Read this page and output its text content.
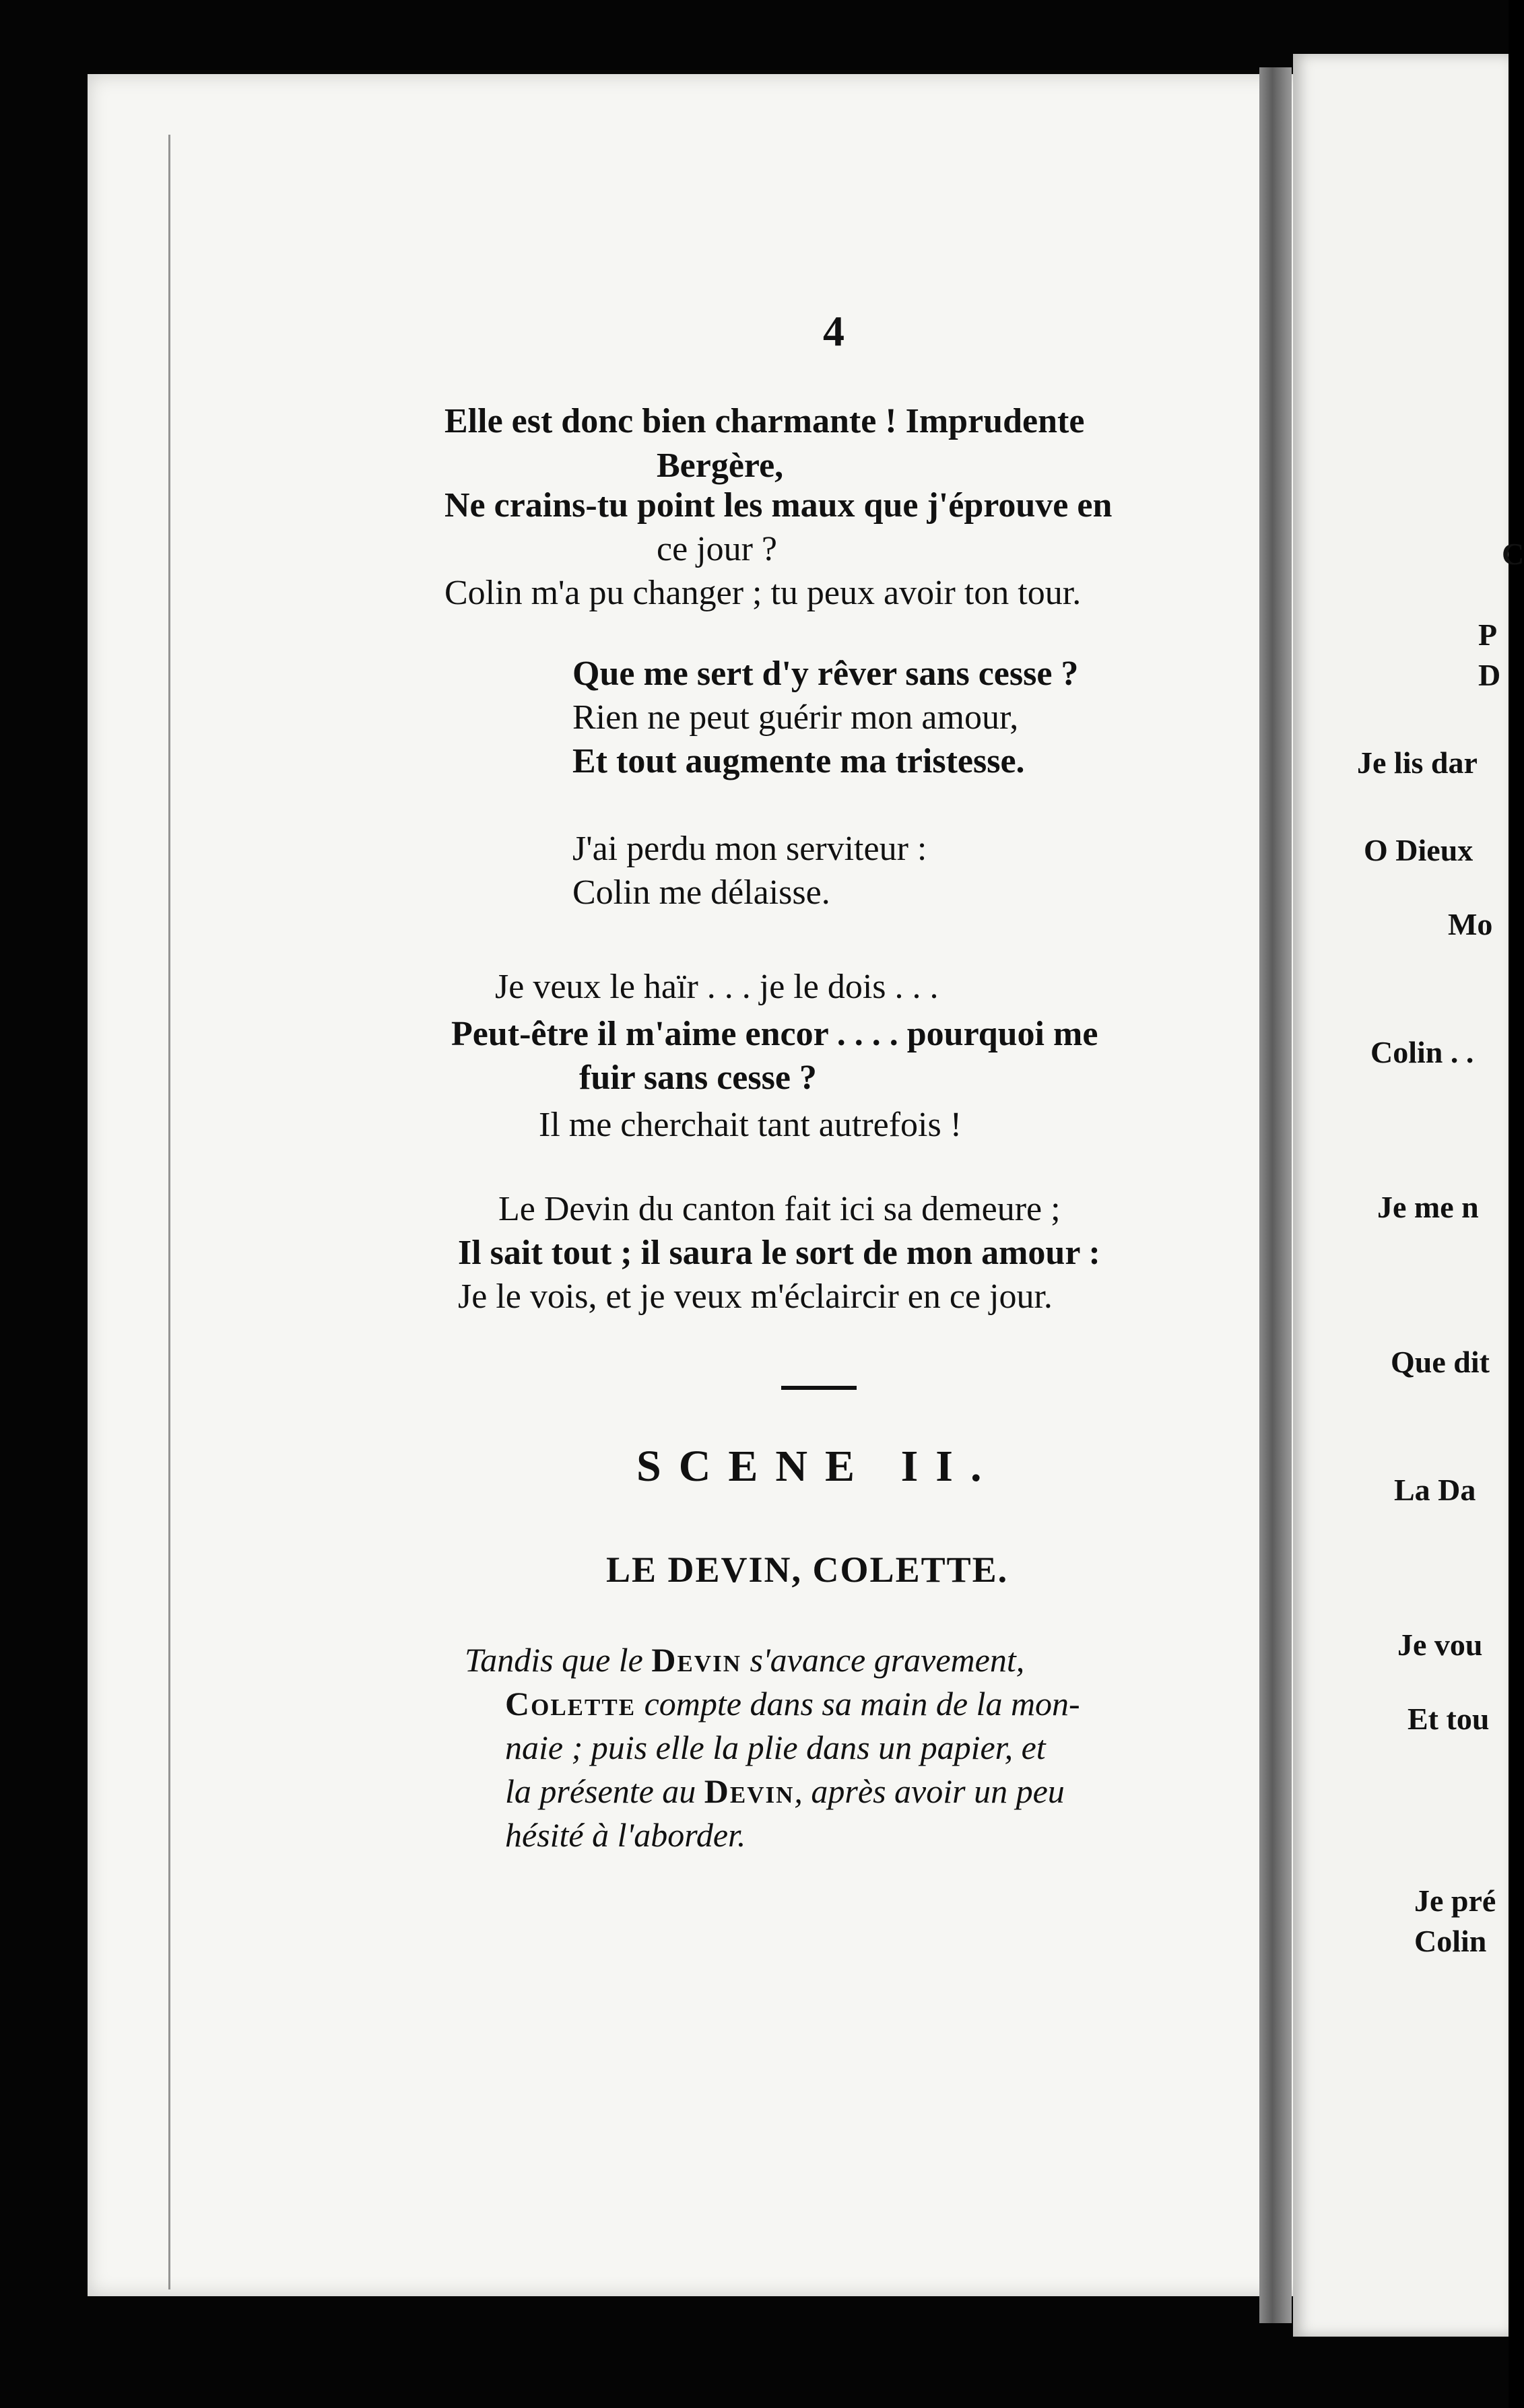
C
P
D
Je lis dar
O Dieux
Mo
Colin . .
Je me n
Que dit
La Da
Je vou
Et tou
Je pré
Colin
4
Elle est donc bien charmante ! Imprudente
Bergère,
Ne crains-tu point les maux que j'éprouve en
ce jour ?
Colin m'a pu changer ; tu peux avoir ton tour.
Que me sert d'y rêver sans cesse ?
Rien ne peut guérir mon amour,
Et tout augmente ma tristesse.
J'ai perdu mon serviteur :
Colin me délaisse.
Je veux le haïr . . . je le dois . . .
Peut-être il m'aime encor . . . . pourquoi me
fuir sans cesse ?
Il me cherchait tant autrefois !
Le Devin du canton fait ici sa demeure ;
Il sait tout ; il saura le sort de mon amour :
Je le vois, et je veux m'éclaircir en ce jour.
SCENE II.
LE DEVIN, COLETTE.
Tandis que le Devin s'avance gravement,
Colette compte dans sa main de la mon-
naie ; puis elle la plie dans un papier, et
la présente au Devin, après avoir un peu
hésité à l'aborder.
